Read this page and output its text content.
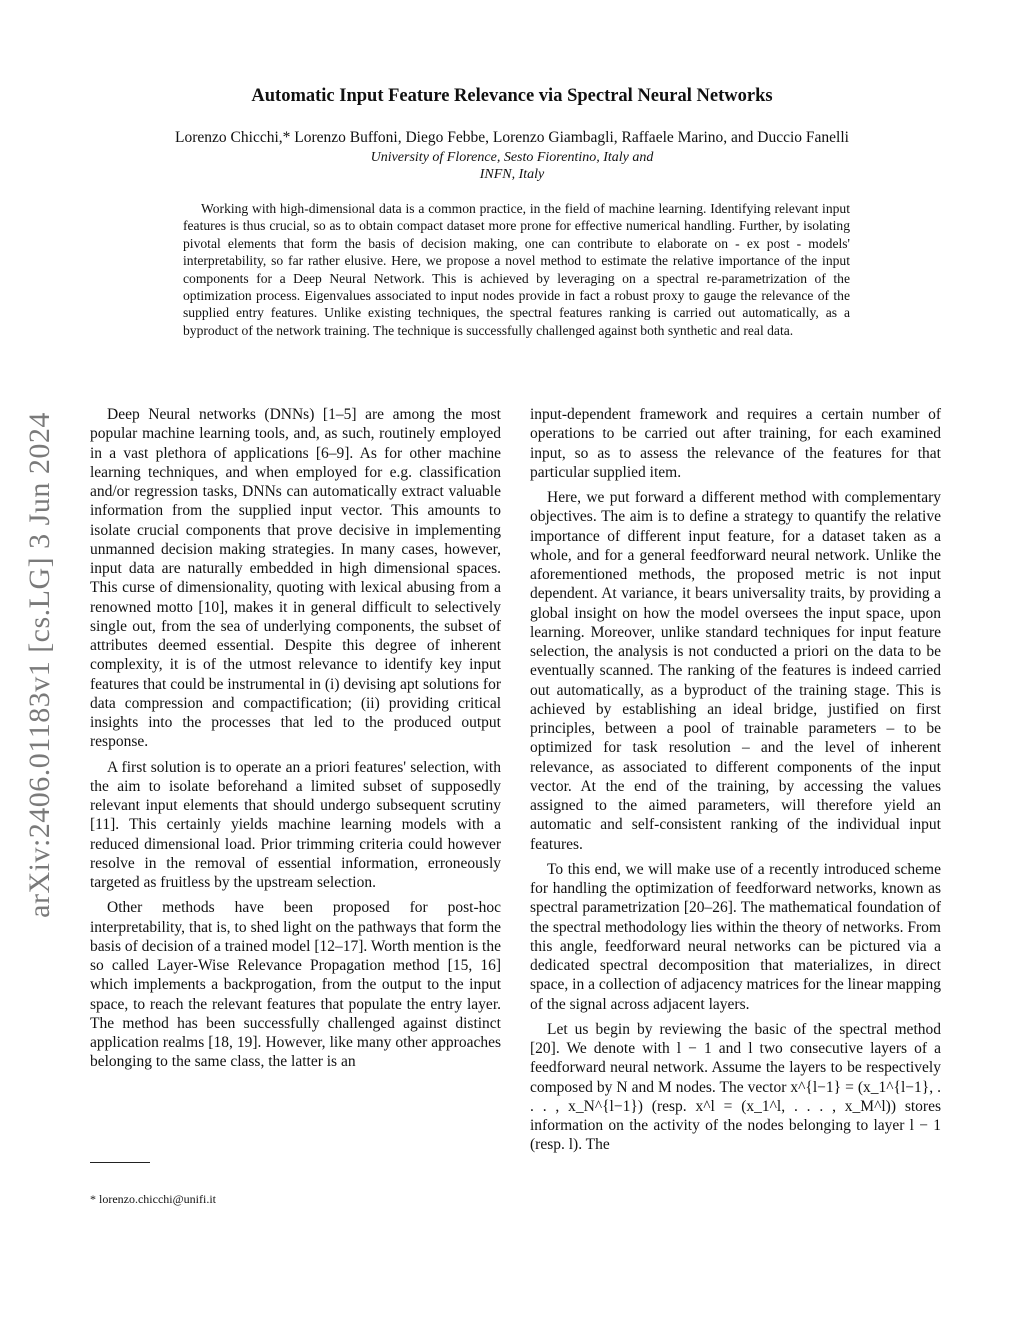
arXiv:2406.01183v1 [cs.LG] 3 Jun 2024
Automatic Input Feature Relevance via Spectral Neural Networks
Lorenzo Chicchi,* Lorenzo Buffoni, Diego Febbe, Lorenzo Giambagli, Raffaele Marino, and Duccio Fanelli
University of Florence, Sesto Fiorentino, Italy and
INFN, Italy
Working with high-dimensional data is a common practice, in the field of machine learning. Identifying relevant input features is thus crucial, so as to obtain compact dataset more prone for effective numerical handling. Further, by isolating pivotal elements that form the basis of decision making, one can contribute to elaborate on - ex post - models' interpretability, so far rather elusive. Here, we propose a novel method to estimate the relative importance of the input components for a Deep Neural Network. This is achieved by leveraging on a spectral re-parametrization of the optimization process. Eigenvalues associated to input nodes provide in fact a robust proxy to gauge the relevance of the supplied entry features. Unlike existing techniques, the spectral features ranking is carried out automatically, as a byproduct of the network training. The technique is successfully challenged against both synthetic and real data.

Deep Neural networks (DNNs) [1–5] are among the most popular machine learning tools, and, as such, routinely employed in a vast plethora of applications [6–9]. As for other machine learning techniques, and when employed for e.g. classification and/or regression tasks, DNNs can automatically extract valuable information from the supplied input vector. This amounts to isolate crucial components that prove decisive in implementing unmanned decision making strategies. In many cases, however, input data are naturally embedded in high dimensional spaces. This curse of dimensionality, quoting with lexical abusing from a renowned motto [10], makes it in general difficult to selectively single out, from the sea of underlying components, the subset of attributes deemed essential. Despite this degree of inherent complexity, it is of the utmost relevance to identify key input features that could be instrumental in (i) devising apt solutions for data compression and compactification; (ii) providing critical insights into the processes that led to the produced output response.

A first solution is to operate an a priori features' selection, with the aim to isolate beforehand a limited subset of supposedly relevant input elements that should undergo subsequent scrutiny [11]. This certainly yields machine learning models with a reduced dimensional load. Prior trimming criteria could however resolve in the removal of essential information, erroneously targeted as fruitless by the upstream selection.

Other methods have been proposed for post-hoc interpretability, that is, to shed light on the pathways that form the basis of decision of a trained model [12–17]. Worth mention is the so called Layer-Wise Relevance Propagation method [15, 16] which implements a backprogation, from the output to the input space, to reach the relevant features that populate the entry layer. The method has been successfully challenged against distinct application realms [18, 19]. However, like many other approaches belonging to the same class, the latter is an

input-dependent framework and requires a certain number of operations to be carried out after training, for each examined input, so as to assess the relevance of the features for that particular supplied item.

Here, we put forward a different method with complementary objectives. The aim is to define a strategy to quantify the relative importance of different input feature, for a dataset taken as a whole, and for a general feedforward neural network. Unlike the aforementioned methods, the proposed metric is not input dependent. At variance, it bears universality traits, by providing a global insight on how the model oversees the input space, upon learning. Moreover, unlike standard techniques for input feature selection, the analysis is not conducted a priori on the data to be eventually scanned. The ranking of the features is indeed carried out automatically, as a byproduct of the training stage. This is achieved by establishing an ideal bridge, justified on first principles, between a pool of trainable parameters – to be optimized for task resolution – and the level of inherent relevance, as associated to different components of the input vector. At the end of the training, by accessing the values assigned to the aimed parameters, will therefore yield an automatic and self-consistent ranking of the individual input features.

To this end, we will make use of a recently introduced scheme for handling the optimization of feedforward networks, known as spectral parametrization [20–26]. The mathematical foundation of the spectral methodology lies within the theory of networks. From this angle, feedforward neural networks can be pictured via a dedicated spectral decomposition that materializes, in direct space, in a collection of adjacency matrices for the linear mapping of the signal across adjacent layers.

Let us begin by reviewing the basic of the spectral method [20]. We denote with l − 1 and l two consecutive layers of a feedforward neural network. Assume the layers to be respectively composed by N and M nodes. The vector x^{l−1} = (x_1^{l−1}, . . . , x_N^{l−1}) (resp. x^l = (x_1^l, . . . , x_M^l)) stores information on the activity of the nodes belonging to layer l − 1 (resp. l). The

* lorenzo.chicchi@unifi.it
